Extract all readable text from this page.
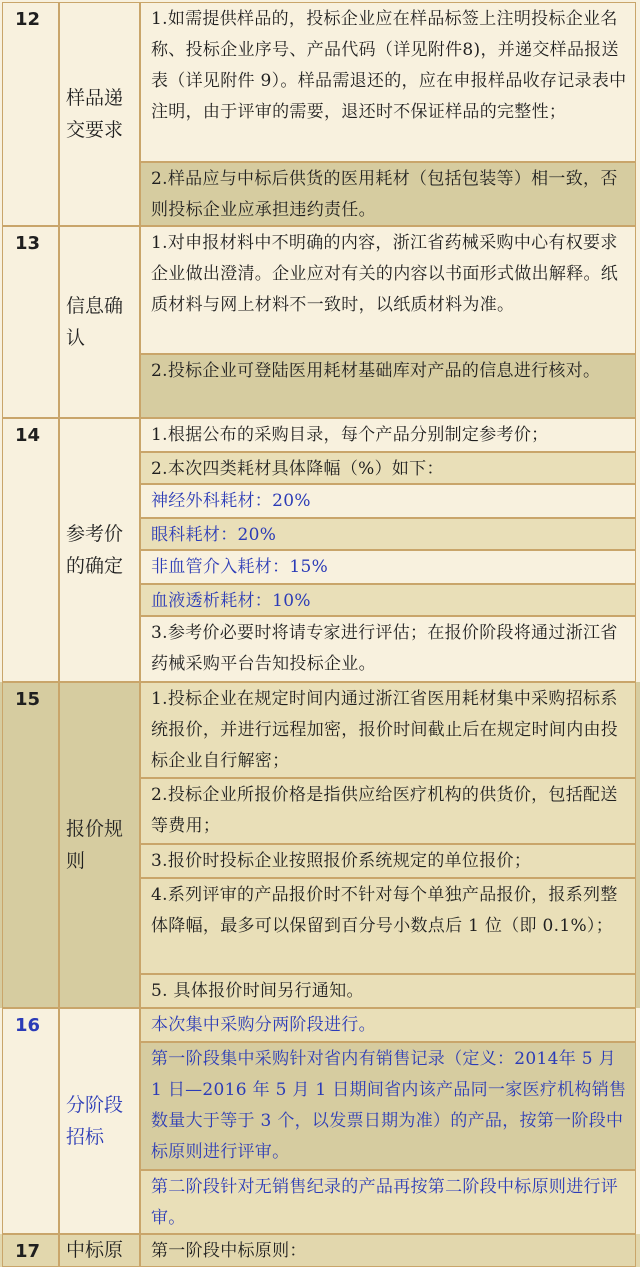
12
样品递交要求
1.如需提供样品的，投标企业应在样品标签上注明投标企业名称、投标企业序号、产品代码（详见附件8)，并递交样品报送表（详见附件 9）。样品需退还的，应在申报样品收存记录表中注明，由于评审的需要，退还时不保证样品的完整性；
2.样品应与中标后供货的医用耗材（包括包装等）相一致，否则投标企业应承担违约责任。
13
信息确认
1.对申报材料中不明确的内容，浙江省药械采购中心有权要求企业做出澄清。企业应对有关的内容以书面形式做出解释。纸质材料与网上材料不一致时，以纸质材料为准。
2.投标企业可登陆医用耗材基础库对产品的信息进行核对。
14
参考价的确定
1.根据公布的采购目录，每个产品分别制定参考价；
2.本次四类耗材具体降幅（%）如下：
神经外科耗材：20%
眼科耗材：20%
非血管介入耗材：15%
血液透析耗材：10%
3.参考价必要时将请专家进行评估；在报价阶段将通过浙江省药械采购平台告知投标企业。
15
报价规则
1.投标企业在规定时间内通过浙江省医用耗材集中采购招标系统报价，并进行远程加密，报价时间截止后在规定时间内由投标企业自行解密；
2.投标企业所报价格是指供应给医疗机构的供货价，包括配送等费用；
3.报价时投标企业按照报价系统规定的单位报价；
4.系列评审的产品报价时不针对每个单独产品报价，报系列整体降幅，最多可以保留到百分号小数点后 1 位（即 0.1%）；
5. 具体报价时间另行通知。
16
分阶段招标
本次集中采购分两阶段进行。
第一阶段集中采购针对省内有销售记录（定义：2014年 5 月 1 日—2016 年 5 月 1 日期间省内该产品同一家医疗机构销售数量大于等于 3 个，以发票日期为准）的产品，按第一阶段中标原则进行评审。
第二阶段针对无销售纪录的产品再按第二阶段中标原则进行评审。
17	中标原	第一阶段中标原则：
